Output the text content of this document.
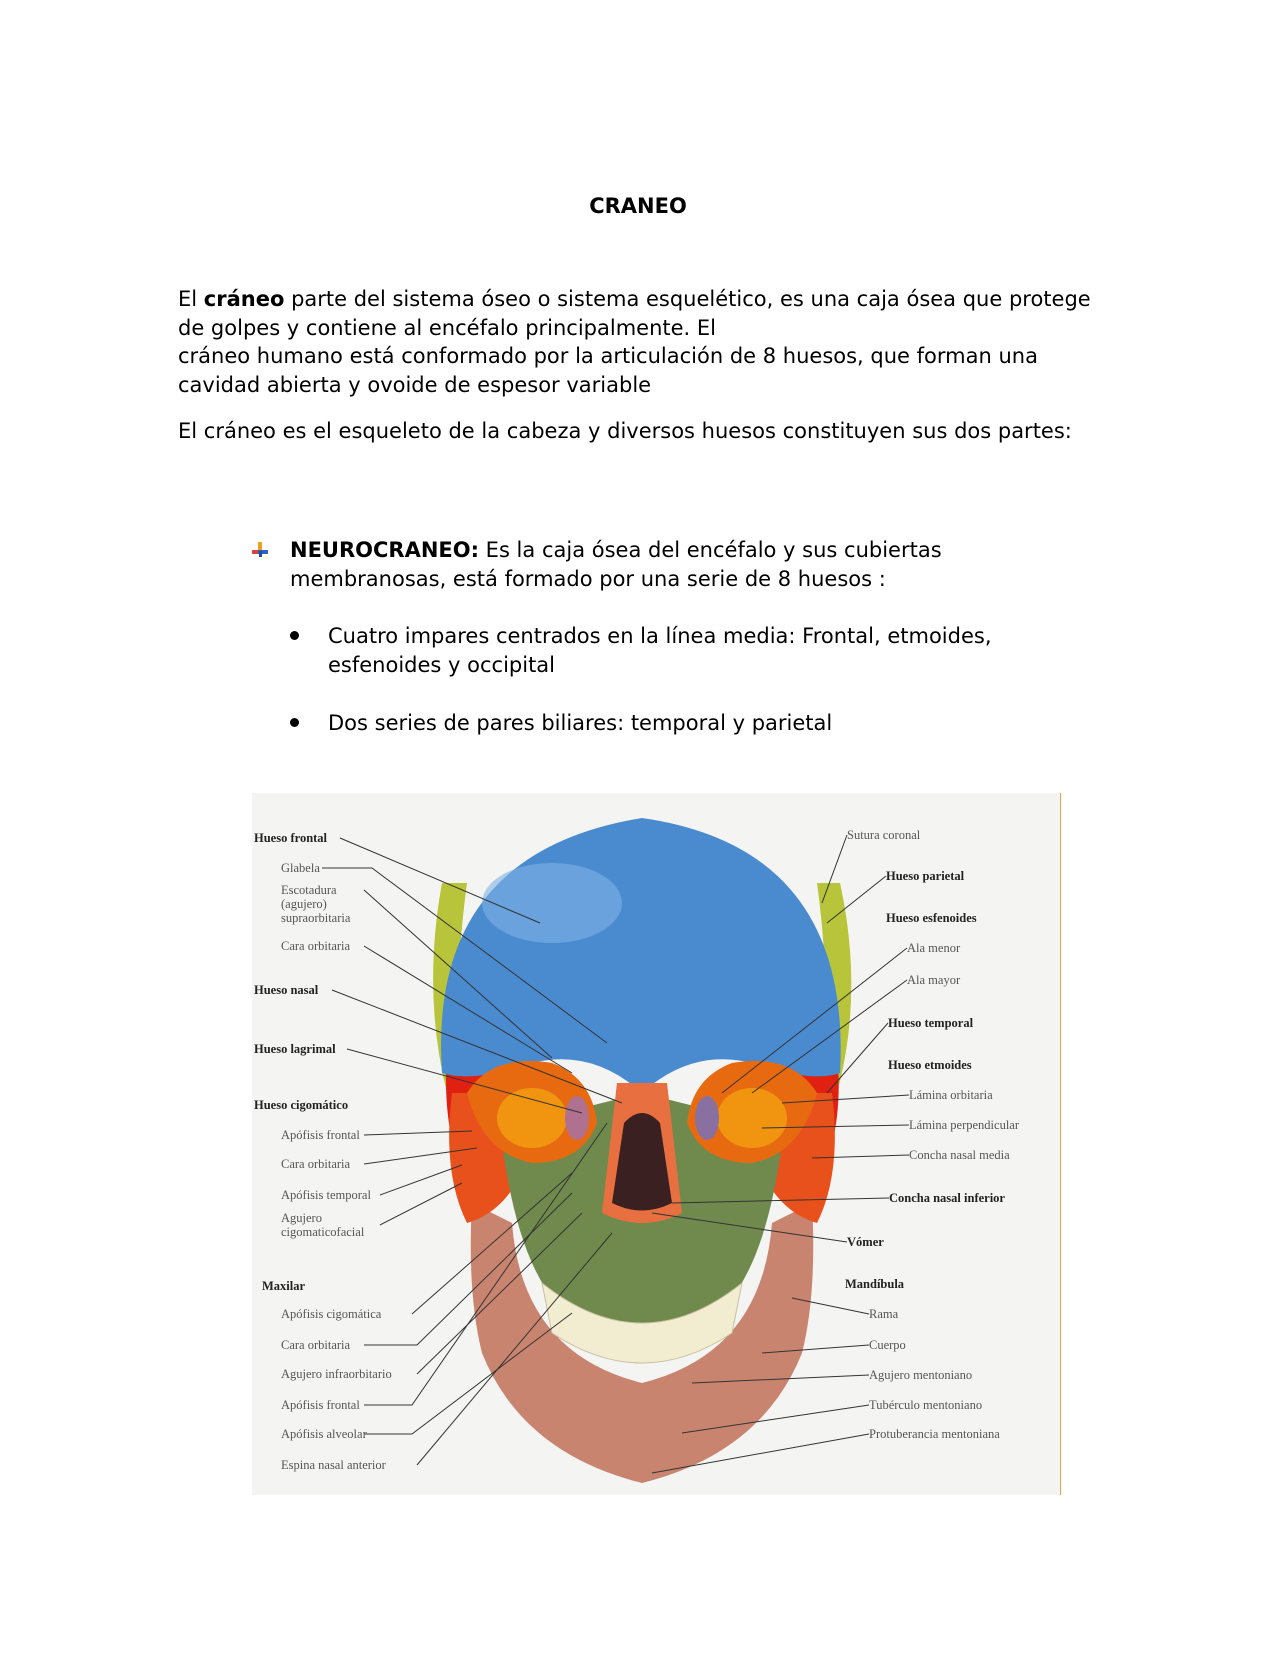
CRANEO
El cráneo parte del sistema óseo o sistema esquelético, es una caja ósea que protege de golpes y contiene al encéfalo principalmente. El
cráneo humano está conformado por la articulación de 8 huesos, que forman una cavidad abierta y ovoide de espesor variable
El cráneo es el esqueleto de la cabeza y diversos huesos constituyen sus dos partes:
NEUROCRANEO: Es la caja ósea del encéfalo y sus cubiertas membranosas, está formado por una serie de 8 huesos :
Cuatro impares centrados en la línea media: Frontal, etmoides, esfenoides y occipital
Dos series de pares biliares: temporal y parietal
Hueso frontal
Glabela
Escotadura
(agujero)
supraorbitaria
Cara orbitaria
Hueso nasal
Hueso lagrimal
Hueso cigomático
Apófisis frontal
Cara orbitaria
Apófisis temporal
Agujero
cigomaticofacial
Maxilar
Apófisis cigomática
Cara orbitaria
Agujero infraorbitario
Apófisis frontal
Apófisis alveolar
Espina nasal anterior
Sutura coronal
Hueso parietal
Hueso esfenoides
Ala menor
Ala mayor
Hueso temporal
Hueso etmoides
Lámina orbitaria
Lámina perpendicular
Concha nasal media
Concha nasal inferior
Vómer
Mandíbula
Rama
Cuerpo
Agujero mentoniano
Tubérculo mentoniano
Protuberancia mentoniana
